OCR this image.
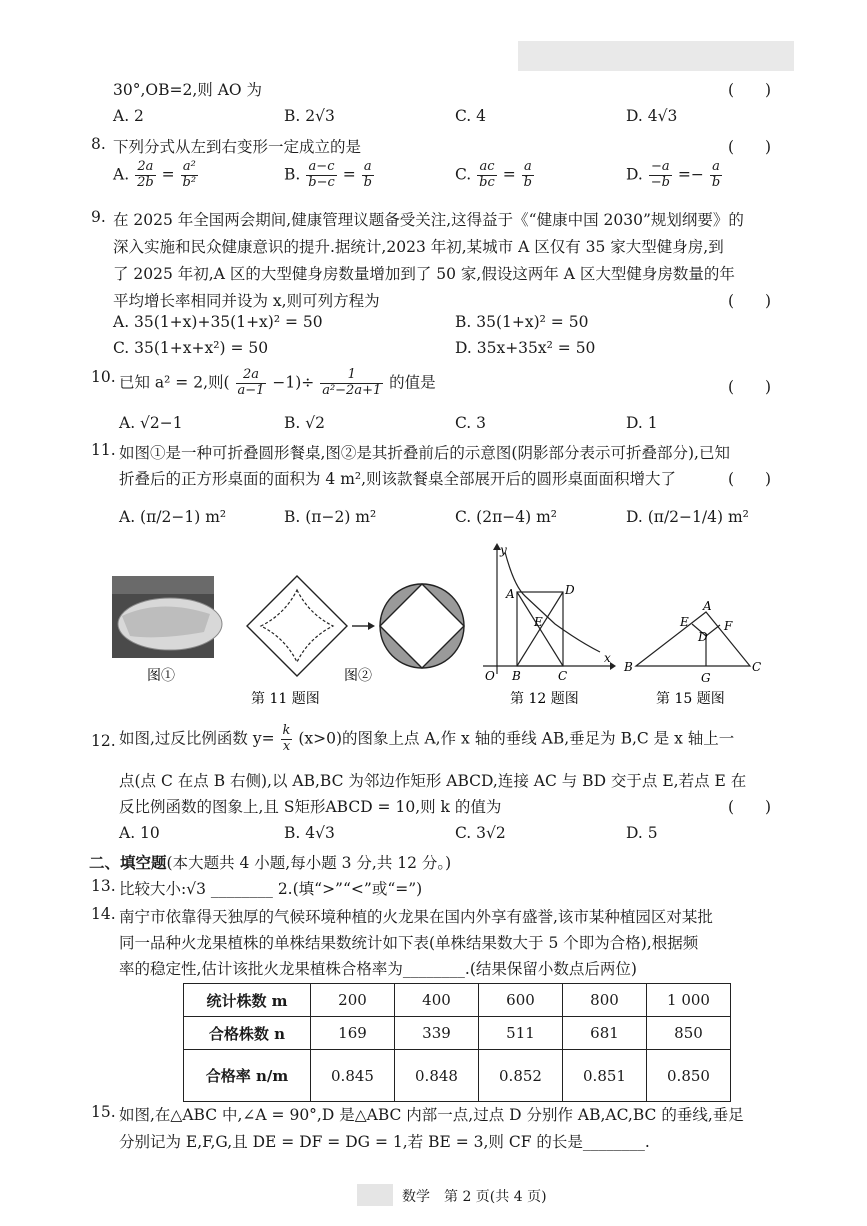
30°,OB=2,则 AO 为	(　　)
A. 2	B. 2√3	C. 4	D. 4√3
8. 下列分式从左到右变形一定成立的是	(　　)
A. $\frac{2a}{2b} = \frac{\text{a²}}{\text{b²}}$	B. $\frac{a-c}{b-c} = \frac{a}{b}$	C. $\frac{ac}{bc} = \frac{a}{b}$	D. $\frac{-a}{-b} =- \frac{a}{b}$
9. 在 2025 年全国两会期间,健康管理议题备受关注,这得益于《“健康中国 2030”规划纲要》的
深入实施和民众健康意识的提升.据统计,2023 年初,某城市 A 区仅有 35 家大型健身房,到
了 2025 年初,A 区的大型健身房数量增加到了 50 家,假设这两年 A 区大型健身房数量的年
平均增长率相同并设为 x,则可列方程为	(　　)
A. 35(1+x)+35(1+x)² = 50	B. 35(1+x)² = 50
C. 35(1+x+x²) = 50	D. 35x+35x² = 50
10. 已知 a² = 2,则( $\frac{2a}{a-1} -1)\div \frac{1}{\text{a²−2a+1}}$ 的值是	(　　)
A. √2−1	B. √2	C. 3	D. 1
11. 如图①是一种可折叠圆形餐桌,图②是其折叠前后的示意图(阴影部分表示可折叠部分),已知
折叠后的正方形桌面的面积为 4 m²,则该款餐桌全部展开后的圆形桌面面积增大了	(　　)
A. (π/2−1) m²	B. (π−2) m²	C. (2π−4) m²	D. (π/2−1/4) m²
图①	图②
第 11 题图
y
A	D
E
O B	C
x
第 12 题图
A
E	F
D
B
G
C
第 15 题图
12. 如图,过反比例函数 $y= \frac{k}{x} (x>0)$的图象上点 A,作 x 轴的垂线 AB,垂足为 B,C 是 x 轴上一
点(点 C 在点 B 右侧),以 AB,BC 为邻边作矩形 ABCD,连接 AC 与 BD 交于点 E,若点 E 在
反比例函数的图象上,且 S矩形ABCD = 10,则 k 的值为	(　　)
A. 10	B. 4√3	C. 3√2	D. 5
二、填空题(本大题共 4 小题,每小题 3 分,共 12 分。)
13. 比较大小:√3 ________ 2.(填“>”“<”或“=”)
14. 南宁市依靠得天独厚的气候环境种植的火龙果在国内外享有盛誉,该市某种植园区对某批
同一品种火龙果植株的单株结果数统计如下表(单株结果数大于 5 个即为合格),根据频
率的稳定性,估计该批火龙果植株合格率为________.(结果保留小数点后两位)
统计株数 m	200	400	600	800	1 000
合格株数 n	169	339	511	681	850
合格率 n/m	0.845	0.848	0.852	0.851	0.850
15. 如图,在△ABC 中,∠A = 90°,D 是△ABC 内部一点,过点 D 分别作 AB,AC,BC 的垂线,垂足
分别记为 E,F,G,且 DE = DF = DG = 1,若 BE = 3,则 CF 的长是________.
数学 第 2 页(共 4 页)
